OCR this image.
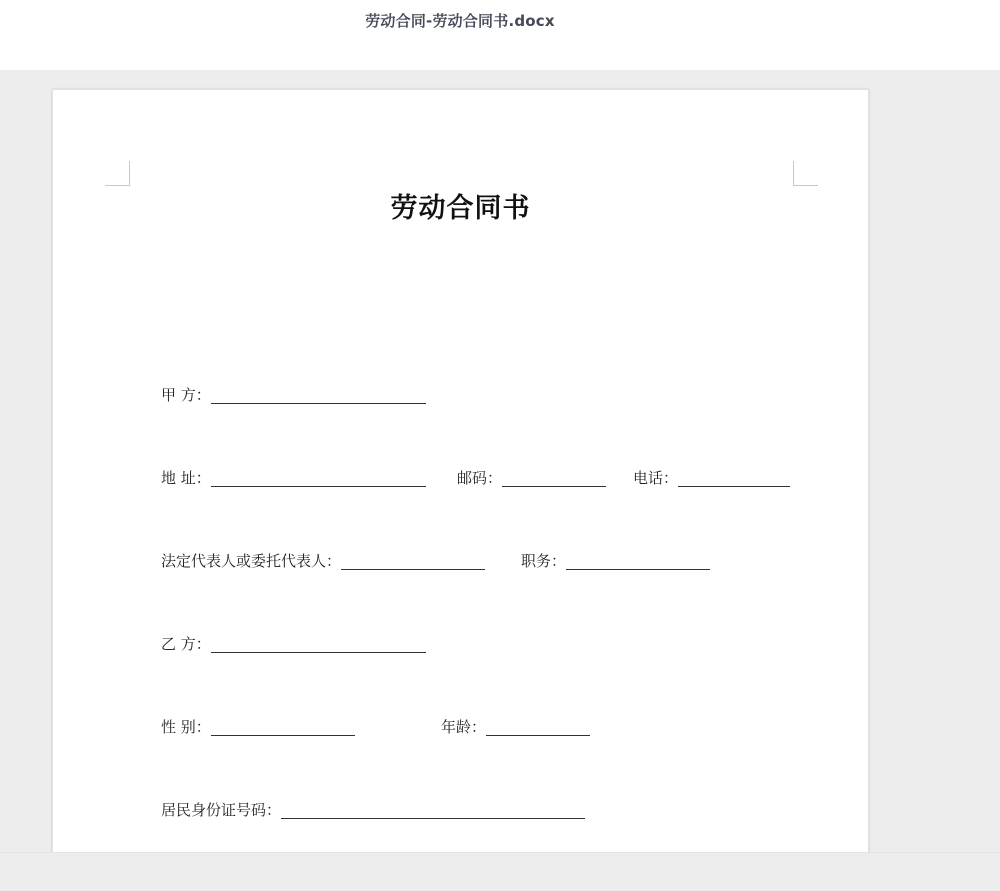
劳动合同-劳动合同书.docx
劳动合同书
甲 方：
地 址：	邮码：	电话：
法定代表人或委托代表人：	职务：
乙 方：
性 别：	年龄：
居民身份证号码：
